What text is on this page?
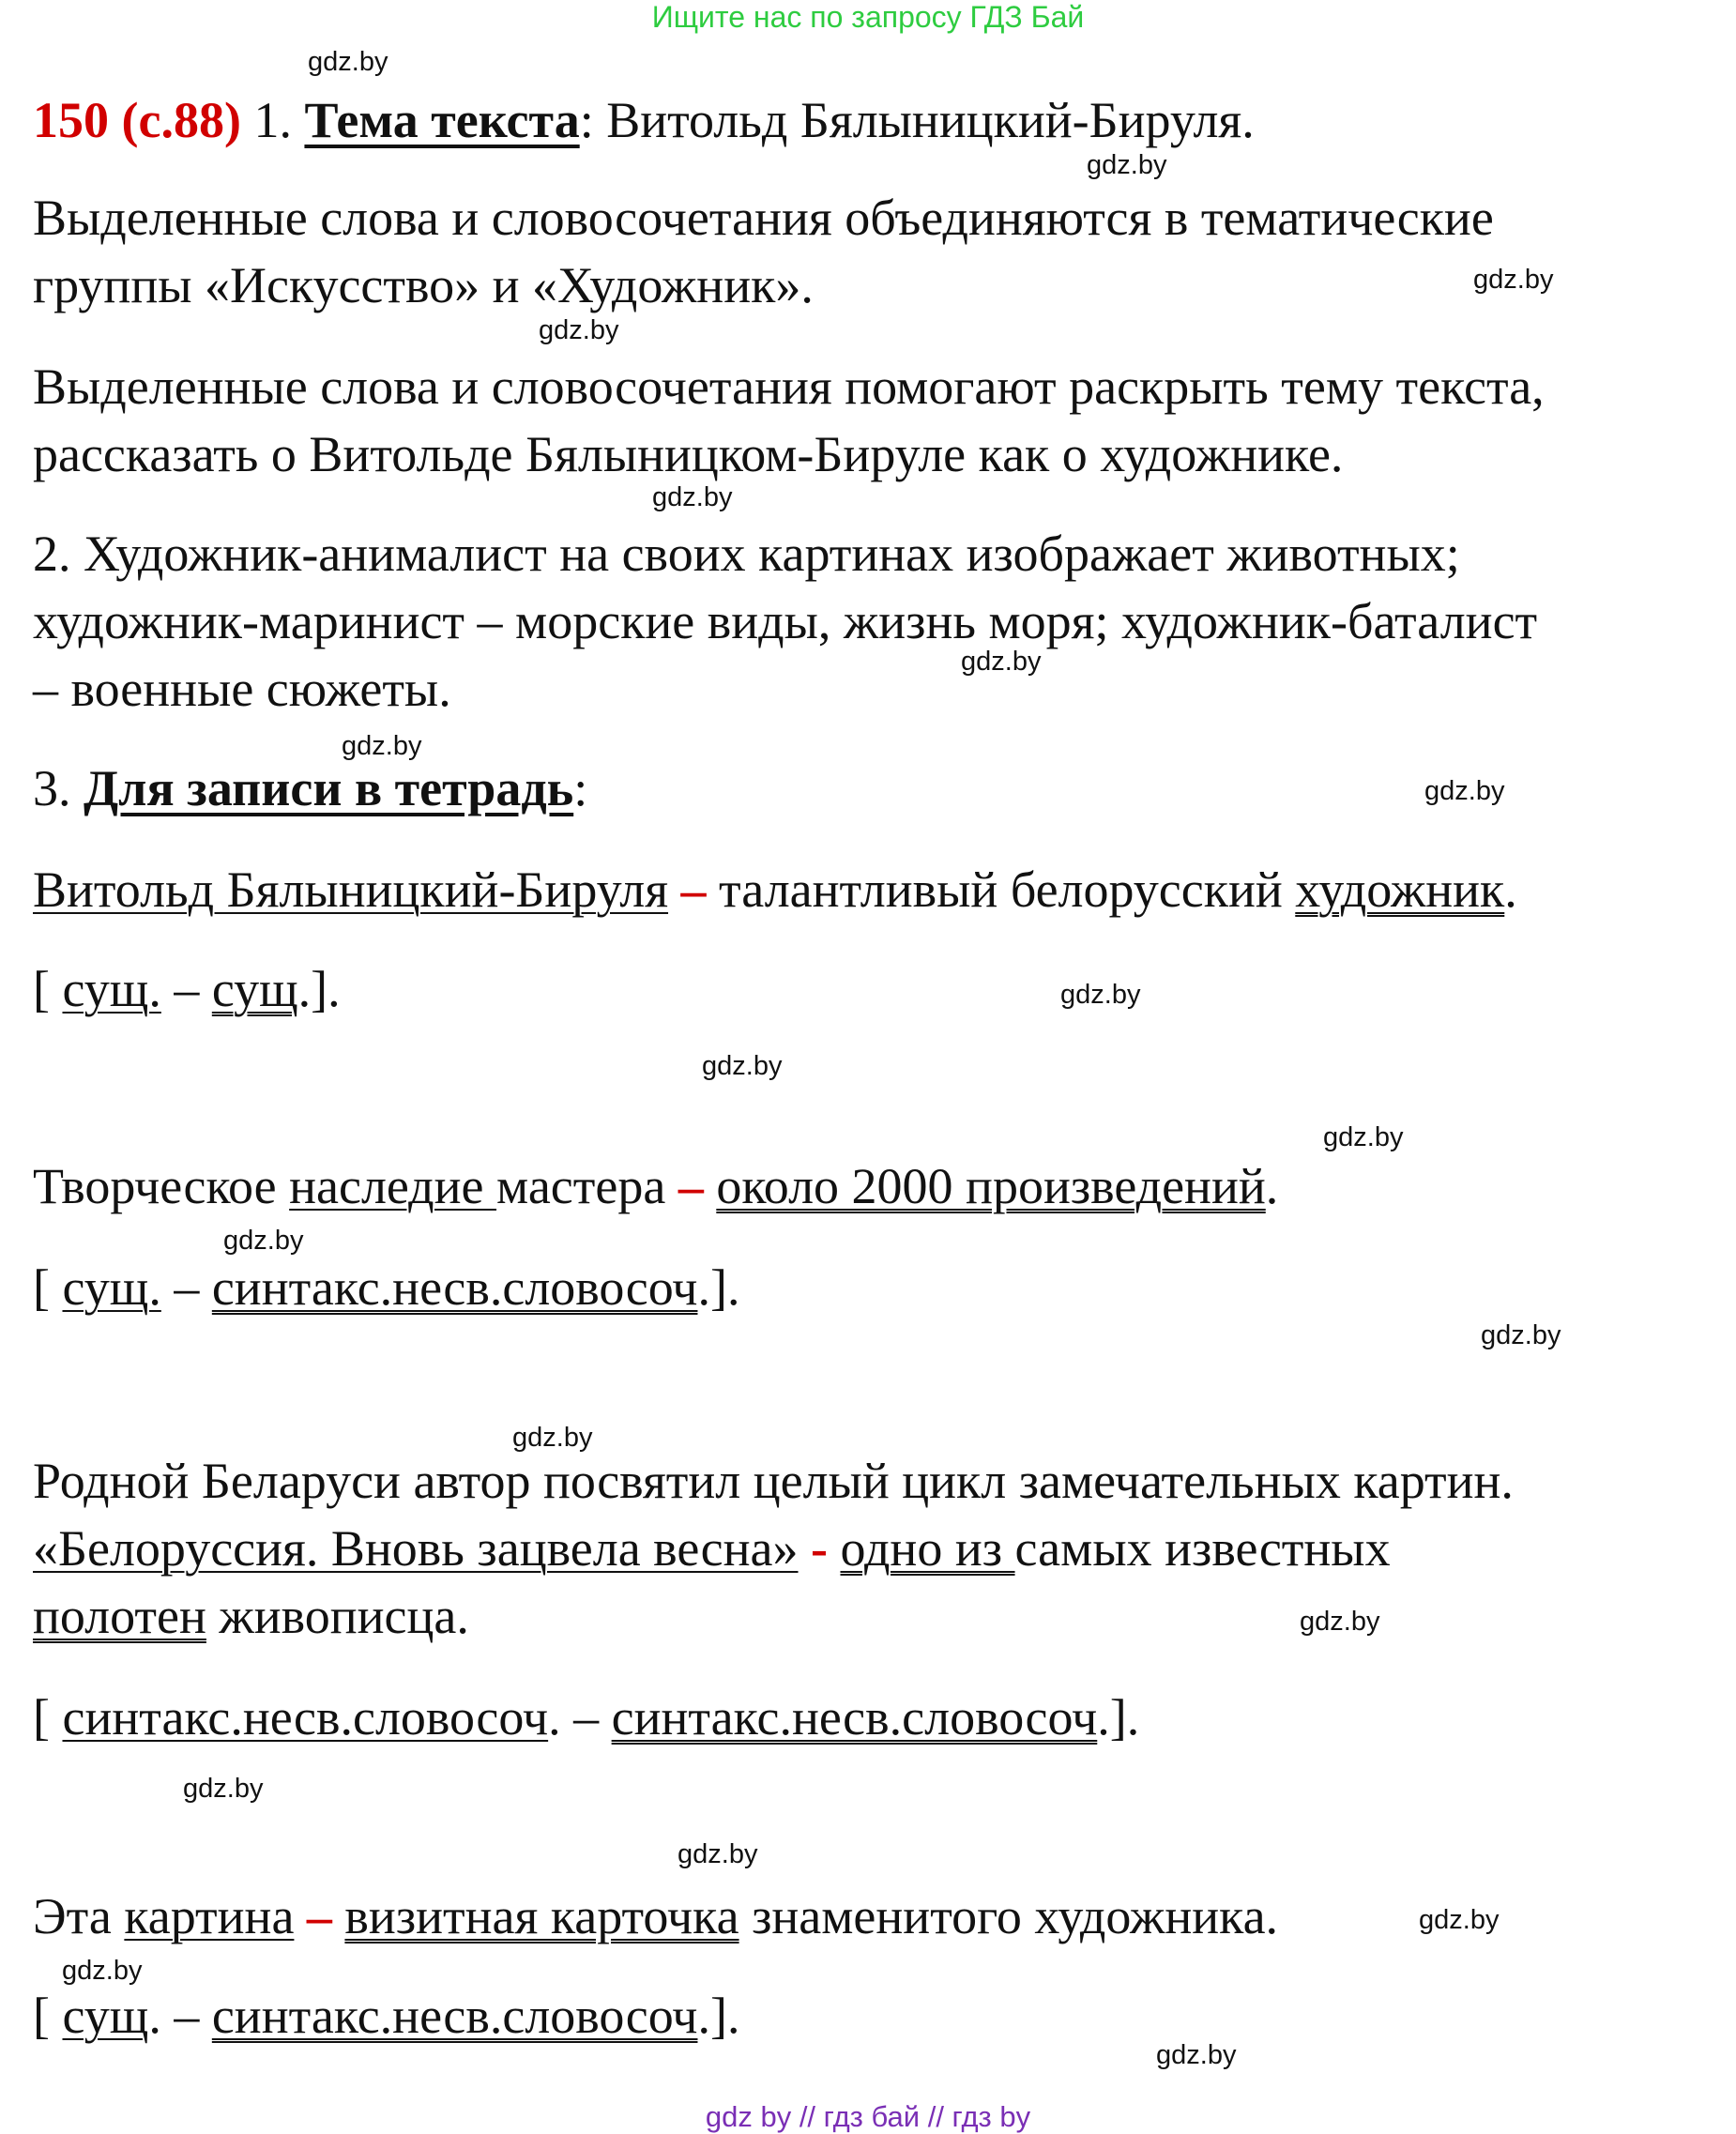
Ищите нас по запросу ГДЗ Бай
gdz.by
gdz.by
gdz.by
gdz.by
gdz.by
gdz.by
gdz.by
gdz.by
gdz.by
gdz.by
gdz.by
gdz.by
gdz.by
gdz.by
gdz.by
gdz.by
gdz.by
gdz.by
gdz.by
gdz.by
150 (с.88) 1. Тема текста: Витольд Бялыницкий-Бируля.
Выделенные слова и словосочетания объединяются в тематические
группы «Искусство» и «Художник».
Выделенные слова и словосочетания помогают раскрыть тему текста,
рассказать о Витольде Бялыницком-Бируле как о художнике.
2. Художник-анималист на своих картинах изображает животных;
художник-маринист – морские виды, жизнь моря; художник-баталист
– военные сюжеты.
3. Для записи в тетрадь:
Витольд Бялыницкий-Бируля – талантливый белорусский художник.
[ сущ. – сущ.].
Творческое наследие мастера – около 2000 произведений.
[ сущ. – синтакс.несв.словосоч.].
Родной Беларуси автор посвятил целый цикл замечательных картин.
«Белоруссия. Вновь зацвела весна» - одно из самых известных
полотен живописца.
[ синтакс.несв.словосоч. – синтакс.несв.словосоч.].
Эта картина – визитная карточка знаменитого художника.
[ сущ. – синтакс.несв.словосоч.].
gdz by // гдз бай // гдз by
